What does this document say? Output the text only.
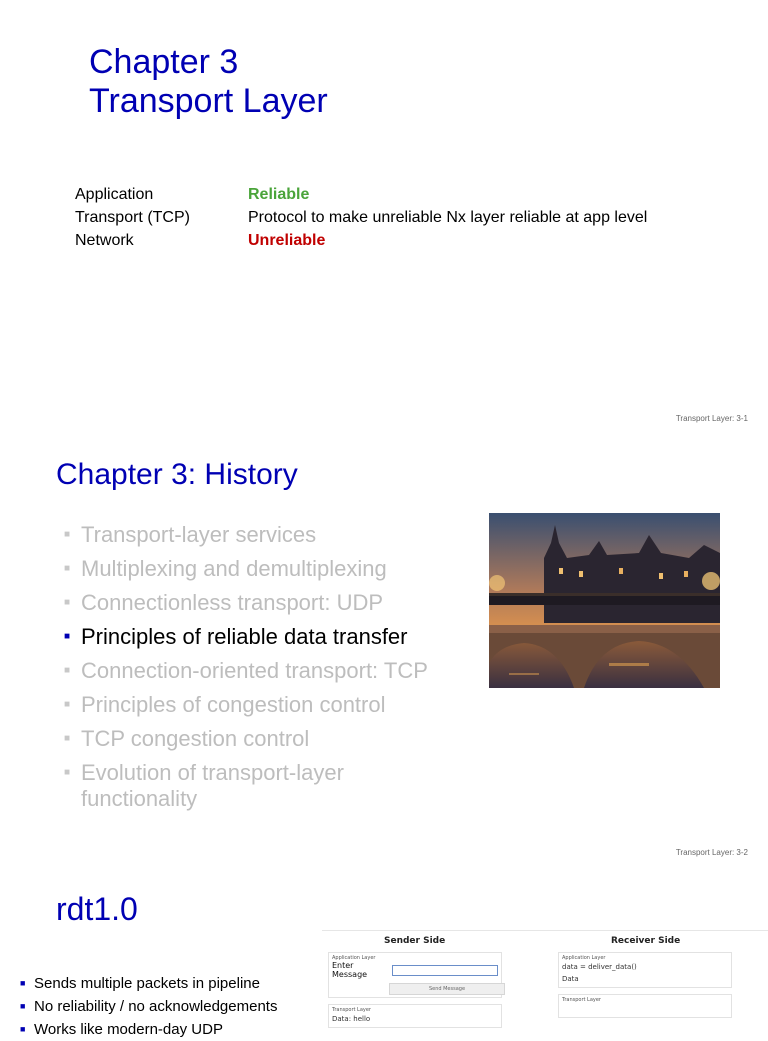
Chapter 3
Transport Layer
Application	Reliable
Transport (TCP)	Protocol to make unreliable Nx layer reliable at app level
Network	Unreliable
Transport Layer: 3-1
Chapter 3: History
■ Transport-layer services
■ Multiplexing and demultiplexing
■ Connectionless transport: UDP
■ Principles of reliable data transfer
■ Connection-oriented transport: TCP
■ Principles of congestion control
■ TCP congestion control
■ Evolution of transport-layer functionality
Transport Layer: 3-2
rdt1.0
■ Sends multiple packets in pipeline
■ No reliability / no acknowledgements
■ Works like modern-day UDP
Sender Side	Receiver Side
Application Layer
Enter Message
Send Message
Transport Layer
Data: hello
Application Layer
data = deliver_data()
Data
Transport Layer
